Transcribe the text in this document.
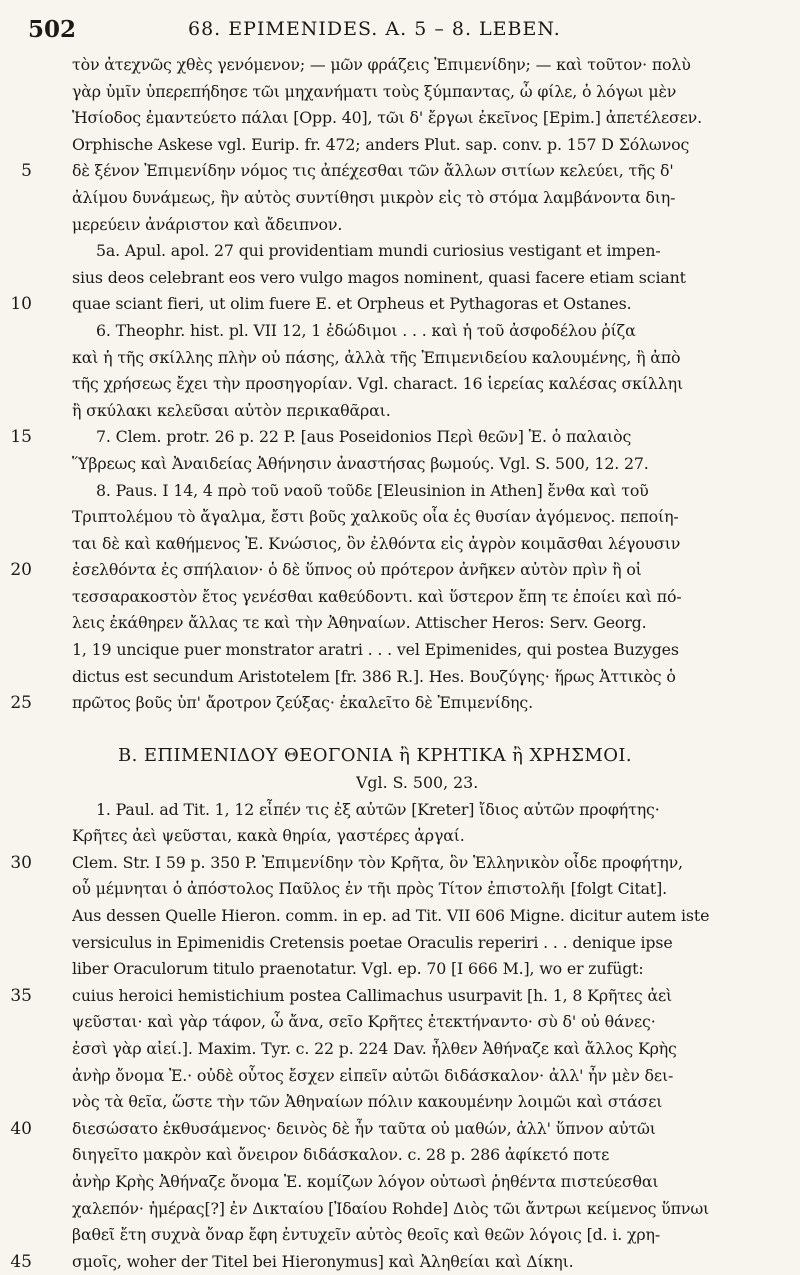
502	68. EPIMENIDES. A. 5 – 8. LEBEN.
τὸν ἀτεχνῶς χθὲς γενόμενον; — μῶν φράζεις Ἐπιμενίδην; — καὶ τοῦτον· πολὺ
γὰρ ὑμῖν ὑπερεπήδησε τῶι μηχανήματι τοὺς ξύμπαντας, ὦ φίλε, ὁ λόγωι μὲν
Ἡσίοδος ἐμαντεύετο πάλαι [Opp. 40], τῶι δ' ἔργωι ἐκεῖνος [Epim.] ἀπετέλεσεν.
Orphische Askese vgl. Eurip. fr. 472; anders Plut. sap. conv. p. 157 D Σόλωνος
5	δὲ ξένον Ἐπιμενίδην νόμος τις ἀπέχεσθαι τῶν ἄλλων σιτίων κελεύει, τῆς δ'
ἀλίμου δυνάμεως, ἣν αὐτὸς συντίθησι μικρὸν εἰς τὸ στόμα λαμβάνοντα διη-
μερεύειν ἀνάριστον καὶ ἄδειπνον.
5a. Apul. apol. 27 qui providentiam mundi curiosius vestigant et impen-
sius deos celebrant eos vero vulgo magos nominent, quasi facere etiam sciant
10	quae sciant fieri, ut olim fuere E. et Orpheus et Pythagoras et Ostanes.
6. Theophr. hist. pl. VII 12, 1 ἐδώδιμοι . . . καὶ ἡ τοῦ ἀσφοδέλου ῥίζα
καὶ ἡ τῆς σκίλλης πλὴν οὐ πάσης, ἀλλὰ τῆς Ἐπιμενιδείου καλουμένης, ἣ ἀπὸ
τῆς χρήσεως ἔχει τὴν προσηγορίαν. Vgl. charact. 16 ἱερείας καλέσας σκίλληι
ἢ σκύλακι κελεῦσαι αὐτὸν περικαθᾶραι.
15	7. Clem. protr. 26 p. 22 P. [aus Poseidonios Περὶ θεῶν] Ἐ. ὁ παλαιὸς
Ὕβρεως καὶ Ἀναιδείας Ἀθήνησιν ἀναστήσας βωμούς. Vgl. S. 500, 12. 27.
8. Paus. I 14, 4 πρὸ τοῦ ναοῦ τοῦδε [Eleusinion in Athen] ἔνθα καὶ τοῦ
Τριπτολέμου τὸ ἄγαλμα, ἔστι βοῦς χαλκοῦς οἷα ἐς θυσίαν ἀγόμενος. πεποίη-
ται δὲ καὶ καθήμενος Ἐ. Κνώσιος, ὃν ἐλθόντα εἰς ἀγρὸν κοιμᾶσθαι λέγουσιν
20	ἐσελθόντα ἐς σπήλαιον· ὁ δὲ ὕπνος οὐ πρότερον ἀνῆκεν αὐτὸν πρὶν ἢ οἱ
τεσσαρακοστὸν ἔτος γενέσθαι καθεύδοντι. καὶ ὕστερον ἔπη τε ἐποίει καὶ πό-
λεις ἐκάθηρεν ἄλλας τε καὶ τὴν Ἀθηναίων. Attischer Heros: Serv. Georg.
1, 19 uncique puer monstrator aratri . . . vel Epimenides, qui postea Buzyges
dictus est secundum Aristotelem [fr. 386 R.]. Hes. Βουζύγης· ἥρως Ἀττικὸς ὁ
25	πρῶτος βοῦς ὑπ' ἄροτρον ζεύξας· ἐκαλεῖτο δὲ Ἐπιμενίδης.
B. ΕΠΙΜΕΝΙΔΟΥ ΘΕΟΓΟΝΙΑ ἢ ΚΡΗΤΙΚΑ ἢ ΧΡΗΣΜΟΙ.
Vgl. S. 500, 23.
1. Paul. ad Tit. 1, 12 εἶπέν τις ἐξ αὐτῶν [Kreter] ἴδιος αὐτῶν προφήτης·
Κρῆτες ἀεὶ ψεῦσται, κακὰ θηρία, γαστέρες ἀργαί.
30	Clem. Str. I 59 p. 350 P. Ἐπιμενίδην τὸν Κρῆτα, ὃν Ἑλληνικὸν οἶδε προφήτην,
οὗ μέμνηται ὁ ἀπόστολος Παῦλος ἐν τῆι πρὸς Τίτον ἐπιστολῆι [folgt Citat].
Aus dessen Quelle Hieron. comm. in ep. ad Tit. VII 606 Migne. dicitur autem iste
versiculus in Epimenidis Cretensis poetae Oraculis reperiri . . . denique ipse
liber Oraculorum titulo praenotatur. Vgl. ep. 70 [I 666 M.], wo er zufügt:
35	cuius heroici hemistichium postea Callimachus usurpavit [h. 1, 8 Κρῆτες ἀεὶ
ψεῦσται· καὶ γὰρ τάφον, ὦ ἄνα, σεῖο Κρῆτες ἐτεκτήναντο· σὺ δ' οὐ θάνες·
ἐσσὶ γὰρ αἰεί.]. Maxim. Tyr. c. 22 p. 224 Dav. ἦλθεν Ἀθήναζε καὶ ἄλλος Κρὴς
ἀνὴρ ὄνομα Ἐ.· οὐδὲ οὗτος ἔσχεν εἰπεῖν αὐτῶι διδάσκαλον· ἀλλ' ἦν μὲν δει-
νὸς τὰ θεῖα, ὥστε τὴν τῶν Ἀθηναίων πόλιν κακουμένην λοιμῶι καὶ στάσει
40	διεσώσατο ἐκθυσάμενος· δεινὸς δὲ ἦν ταῦτα οὐ μαθών, ἀλλ' ὕπνον αὐτῶι
διηγεῖτο μακρὸν καὶ ὄνειρον διδάσκαλον. c. 28 p. 286 ἀφίκετό ποτε
ἀνὴρ Κρὴς Ἀθήναζε ὄνομα Ἐ. κομίζων λόγον οὑτωσὶ ῥηθέντα πιστεύεσθαι
χαλεπόν· ἡμέρας[?] ἐν Δικταίου [Ἰδαίου Rohde] Διὸς τῶι ἄντρωι κείμενος ὕπνωι
βαθεῖ ἔτη συχνὰ ὄναρ ἔφη ἐντυχεῖν αὐτὸς θεοῖς καὶ θεῶν λόγοις [d. i. χρη-
45	σμοῖς, woher der Titel bei Hieronymus] καὶ Ἀληθείαι καὶ Δίκηι.
